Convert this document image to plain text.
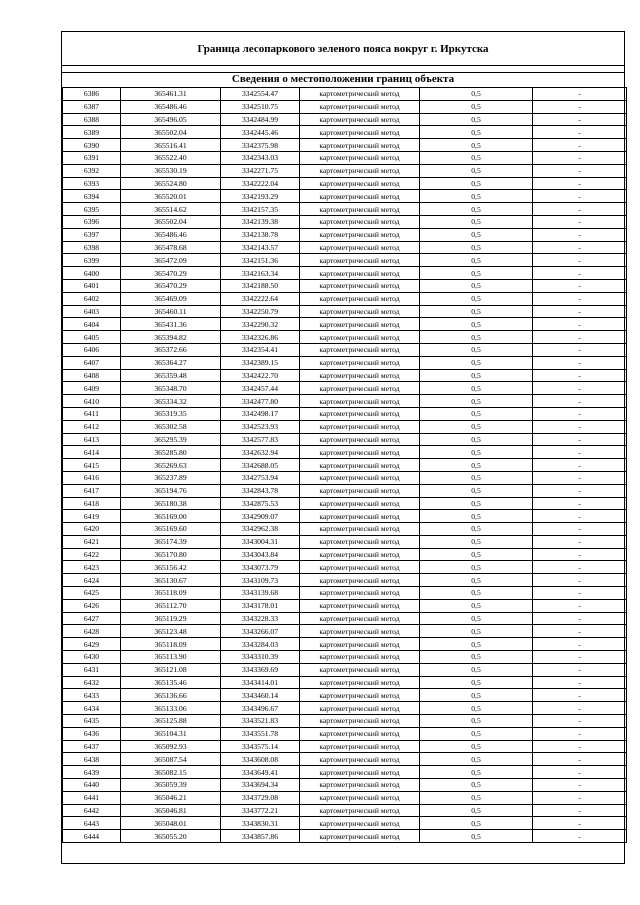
Граница лесопаркового зеленого пояса вокруг г. Иркутска
Сведения о местоположении границ объекта
6386	365461.31	3342554.47	картометрический метод	0,5	-
6387	365486.46	3342510.75	картометрический метод	0,5	-
6388	365496.05	3342484.99	картометрический метод	0,5	-
6389	365502.04	3342445.46	картометрический метод	0,5	-
6390	365516.41	3342375.98	картометрический метод	0,5	-
6391	365522.40	3342343.03	картометрический метод	0,5	-
6392	365530.19	3342271.75	картометрический метод	0,5	-
6393	365524.80	3342222.04	картометрический метод	0,5	-
6394	365520.01	3342193.29	картометрический метод	0,5	-
6395	365514.62	3342157.35	картометрический метод	0,5	-
6396	365502.04	3342139.38	картометрический метод	0,5	-
6397	365486.46	3342138.78	картометрический метод	0,5	-
6398	365478.68	3342143.57	картометрический метод	0,5	-
6399	365472.09	3342151.36	картометрический метод	0,5	-
6400	365470.29	3342163.34	картометрический метод	0,5	-
6401	365470.29	3342188.50	картометрический метод	0,5	-
6402	365469.09	3342222.64	картометрический метод	0,5	-
6403	365460.11	3342250.79	картометрический метод	0,5	-
6404	365431.36	3342290.32	картометрический метод	0,5	-
6405	365394.82	3342326.86	картометрический метод	0,5	-
6406	365372.66	3342354.41	картометрический метод	0,5	-
6407	365364.27	3342389.15	картометрический метод	0,5	-
6408	365359.48	3342422.70	картометрический метод	0,5	-
6409	365348.70	3342457.44	картометрический метод	0,5	-
6410	365334.32	3342477.80	картометрический метод	0,5	-
6411	365319.35	3342498.17	картометрический метод	0,5	-
6412	365302.58	3342523.93	картометрический метод	0,5	-
6413	365295.39	3342577.83	картометрический метод	0,5	-
6414	365285.80	3342632.94	картометрический метод	0,5	-
6415	365269.63	3342688.05	картометрический метод	0,5	-
6416	365237.89	3342753.94	картометрический метод	0,5	-
6417	365194.76	3342843.78	картометрический метод	0,5	-
6418	365180.38	3342875.53	картометрический метод	0,5	-
6419	365169.00	3342909.07	картометрический метод	0,5	-
6420	365169.60	3342962.38	картометрический метод	0,5	-
6421	365174.39	3343004.31	картометрический метод	0,5	-
6422	365170.80	3343043.84	картометрический метод	0,5	-
6423	365156.42	3343073.79	картометрический метод	0,5	-
6424	365130.67	3343109.73	картометрический метод	0,5	-
6425	365118.09	3343139.68	картометрический метод	0,5	-
6426	365112.70	3343178.01	картометрический метод	0,5	-
6427	365119.29	3343228.33	картометрический метод	0,5	-
6428	365123.48	3343266.07	картометрический метод	0,5	-
6429	365118.09	3343284.03	картометрический метод	0,5	-
6430	365113.90	3343310.39	картометрический метод	0,5	-
6431	365121.08	3343369.69	картометрический метод	0,5	-
6432	365135.46	3343414.01	картометрический метод	0,5	-
6433	365136.66	3343460.14	картометрический метод	0,5	-
6434	365133.06	3343496.67	картометрический метод	0,5	-
6435	365125.88	3343521.83	картометрический метод	0,5	-
6436	365104.31	3343551.78	картометрический метод	0,5	-
6437	365092.93	3343575.14	картометрический метод	0,5	-
6438	365087.54	3343608.08	картометрический метод	0,5	-
6439	365082.15	3343649.41	картометрический метод	0,5	-
6440	365059.39	3343694.34	картометрический метод	0,5	-
6441	365046.21	3343729.08	картометрический метод	0,5	-
6442	365046.81	3343772.21	картометрический метод	0,5	-
6443	365048.01	3343830.31	картометрический метод	0,5	-
6444	365055.20	3343857.86	картометрический метод	0,5	-
